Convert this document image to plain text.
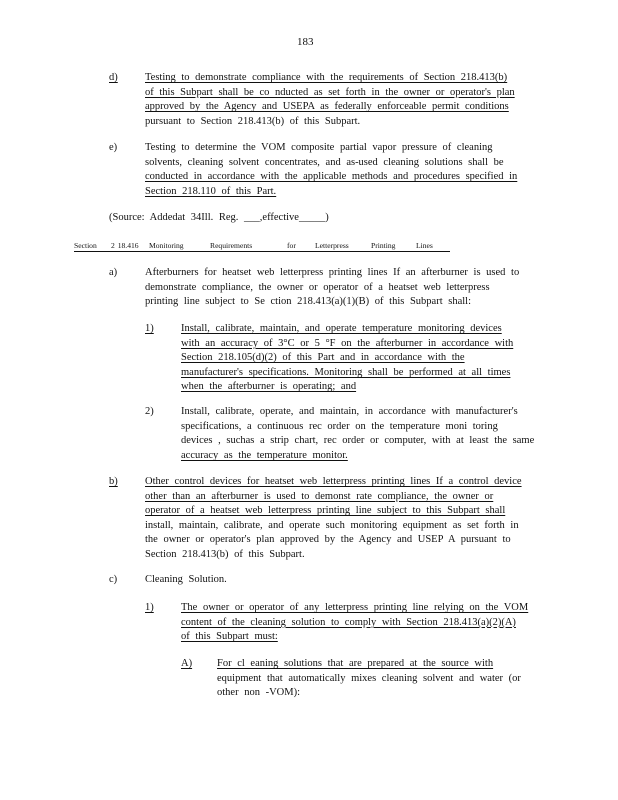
183
d)	Testing to demonstrate compliance with the requirements of Section 218.413(b)
of this Subpart shall be co nducted as set forth in the owner or operator's plan
approved by the Agency and USEPA as federally enforceable permit conditions
pursuant to Section 218.413(b) of this Subpart.
e)	Testing to determine the VOM composite partial vapor pressure of cleaning
solvents, cleaning solvent concentrates, and as-used cleaning solutions shall be
conducted in accordance with the applicable methods and procedures specified in
Section 218.110 of this Part.
(Source: Addedat 34Ill. Reg. ___,effective_____)
Section 2 18.416 Monitoring	Requirements	for	Letterpress	Printing	Lines
a)	Afterburners for heatset web letterpress printing lines If an afterburner is used to
demonstrate compliance, the owner or operator of a heatset web letterpress
printing line subject to Se ction 218.413(a)(1)(B) of this Subpart shall:
1)	Install, calibrate, maintain, and operate temperature monitoring devices
with an accuracy of 3°C or 5 °F on the afterburner in accordance with
Section 218.105(d)(2) of this Part and in accordance with the
manufacturer's specifications. Monitoring shall be performed at all times
when the afterburner is operating; and
2)	Install, calibrate, operate, and maintain, in accordance with manufacturer's
specifications, a continuous rec order on the temperature moni toring
devices , suchas a strip chart, rec order or computer, with at least the same
accuracy as the temperature monitor.
b)	Other control devices for heatset web letterpress printing lines If a control device
other than an afterburner is used to demonst rate compliance, the owner or
operator of a heatset web letterpress printing line subject to this Subpart shall
install, maintain, calibrate, and operate such monitoring equipment as set forth in
the owner or operator's plan approved by the Agency and USEP A pursuant to
Section 218.413(b) of this Subpart.
c)	Cleaning Solution.
1)	The owner or operator of any letterpress printing line relying on the VOM
content of the cleaning solution to comply with Section 218.413(a)(2)(A)
of this Subpart must:
A) For cl eaning solutions that are prepared at the source with
equipment that automatically mixes cleaning solvent and water (or
other non -VOM):
